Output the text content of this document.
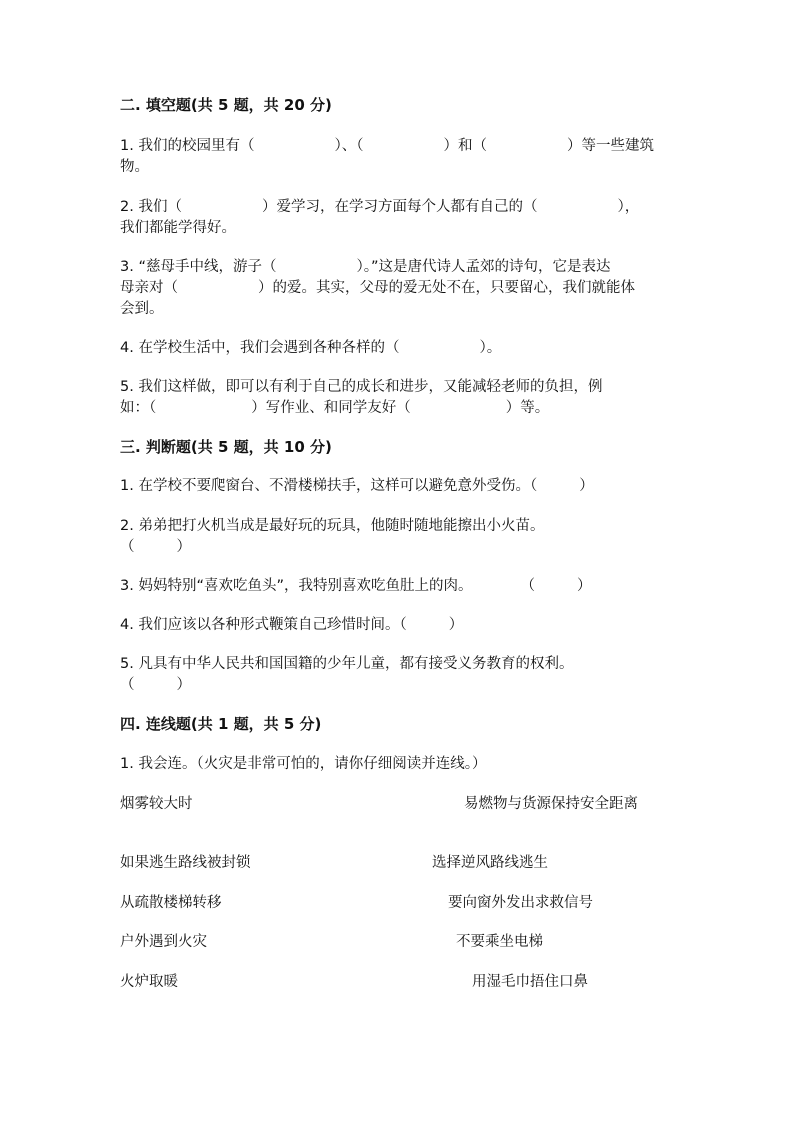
二. 填空题(共 5 题，共 20 分)
1. 我们的校园里有（	）、（	）和（	）等一些建筑
物。
2. 我们（	）爱学习，在学习方面每个人都有自己的（	），
我们都能学得好。
3. “慈母手中线，游子（	）。”这是唐代诗人孟郊的诗句，它是表达
母亲对（	）的爱。其实，父母的爱无处不在，只要留心，我们就能体
会到。
4. 在学校生活中，我们会遇到各种各样的（	）。
5. 我们这样做，即可以有利于自己的成长和进步，又能减轻老师的负担，例
如：（	）写作业、和同学友好（	）等。
三. 判断题(共 5 题，共 10 分)
1. 在学校不要爬窗台、不滑楼梯扶手，这样可以避免意外受伤。（	）
2. 弟弟把打火机当成是最好玩的玩具，他随时随地能擦出小火苗。
（	）
3. 妈妈特别“喜欢吃鱼头”，我特别喜欢吃鱼肚上的肉。	（	）
4. 我们应该以各种形式鞭策自己珍惜时间。（	）
5. 凡具有中华人民共和国国籍的少年儿童，都有接受义务教育的权利。
（	）
四. 连线题(共 1 题，共 5 分)
1. 我会连。（火灾是非常可怕的，请你仔细阅读并连线。）
烟雾较大时	易燃物与货源保持安全距离
如果逃生路线被封锁	选择逆风路线逃生
从疏散楼梯转移	要向窗外发出求救信号
户外遇到火灾	不要乘坐电梯
火炉取暖	用湿毛巾捂住口鼻
